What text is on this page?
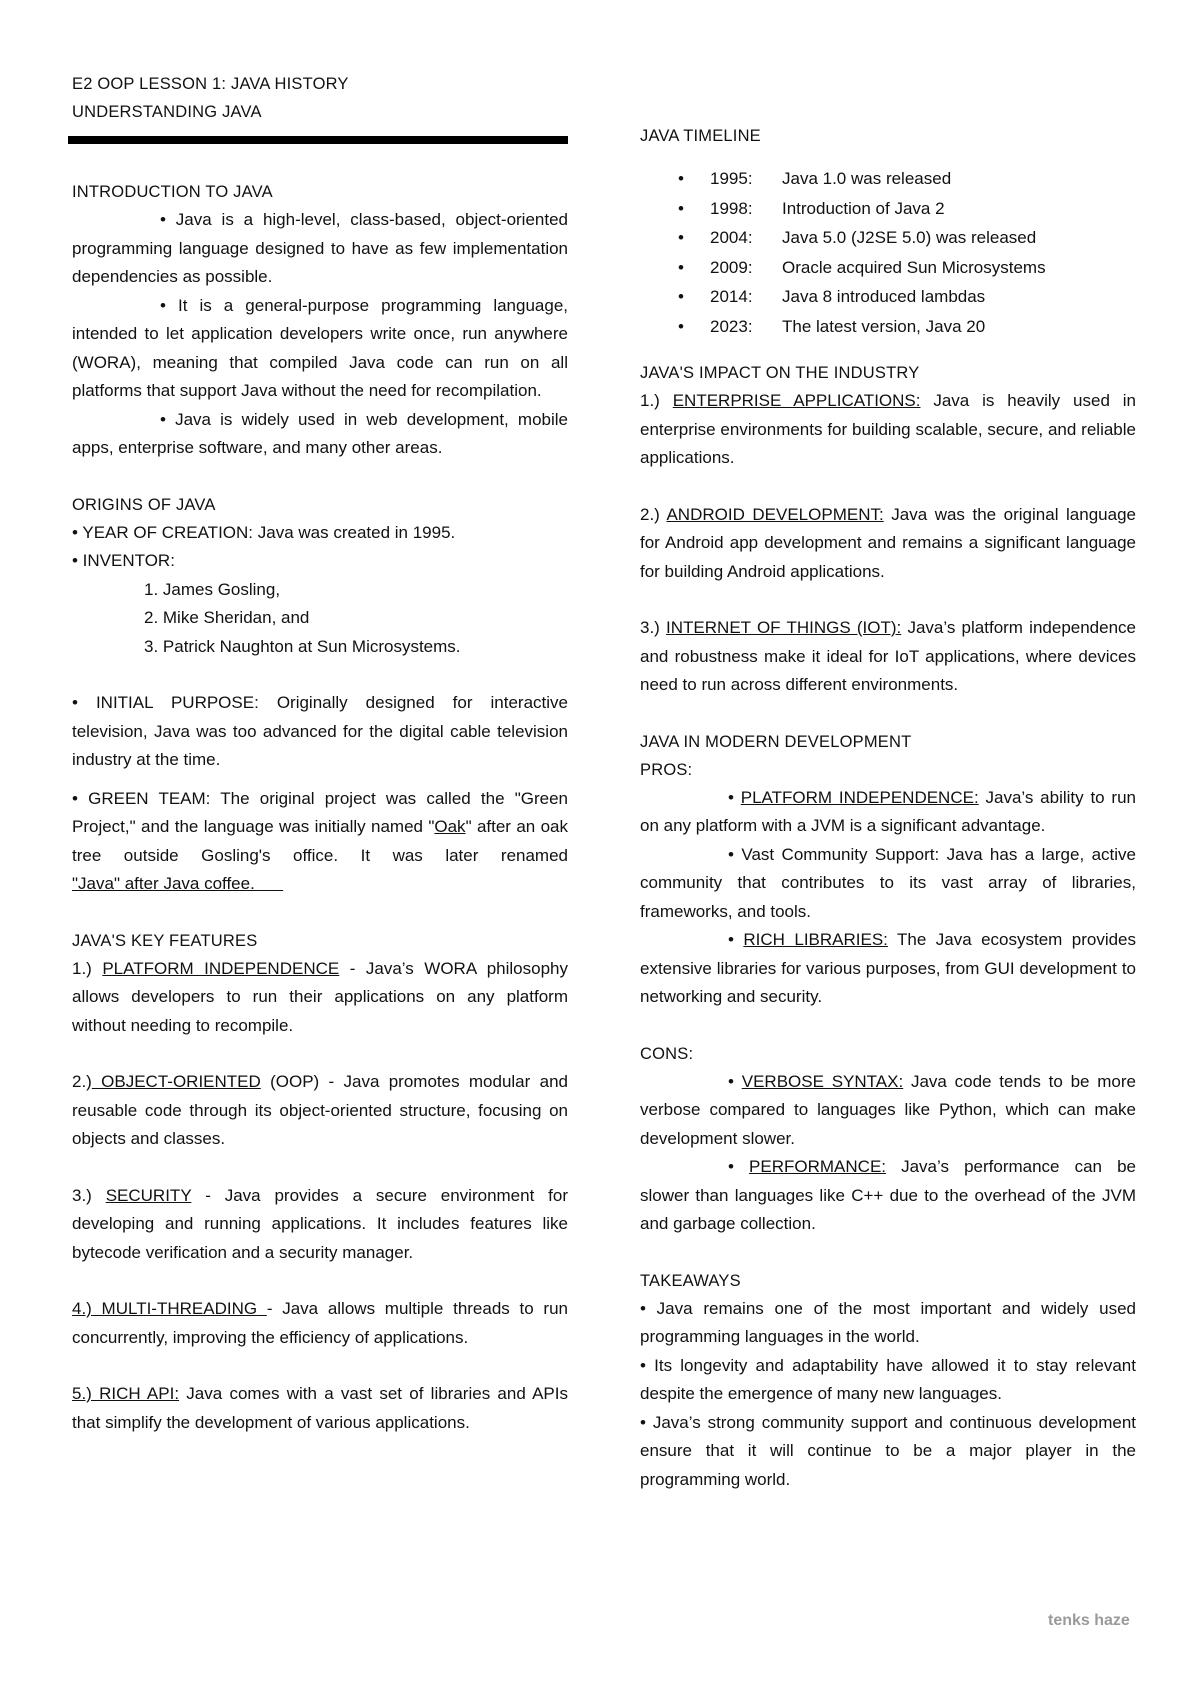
E2 OOP LESSON 1: JAVA HISTORY

UNDERSTANDING JAVA

INTRODUCTION TO JAVA

• Java is a high-level, class-based, object-oriented programming language designed to have as few implementation dependencies as possible.

• It is a general-purpose programming language, intended to let application developers write once, run anywhere (WORA), meaning that compiled Java code can run on all platforms that support Java without the need for recompilation.

• Java is widely used in web development, mobile apps, enterprise software, and many other areas.

ORIGINS OF JAVA

• YEAR OF CREATION: Java was created in 1995.

• INVENTOR:

1. James Gosling,

2. Mike Sheridan, and

3. Patrick Naughton at Sun Microsystems.

• INITIAL PURPOSE: Originally designed for interactive television, Java was too advanced for the digital cable television industry at the time.

• GREEN TEAM: The original project was called the "Green Project," and the language was initially named "Oak" after an oak tree outside Gosling's office. It was later renamed "Java" after Java coffee.

JAVA'S KEY FEATURES

1.) PLATFORM INDEPENDENCE - Java’s WORA philosophy allows developers to run their applications on any platform without needing to recompile.

2.) OBJECT-ORIENTED (OOP) - Java promotes modular and reusable code through its object-oriented structure, focusing on objects and classes.

3.) SECURITY - Java provides a secure environment for developing and running applications. It includes features like bytecode verification and a security manager.

4.) MULTI-THREADING - Java allows multiple threads to run concurrently, improving the efficiency of applications.

5.) RICH API: Java comes with a vast set of libraries and APIs that simplify the development of various applications.

JAVA TIMELINE

•	1995:	Java 1.0 was released
•	1998:	Introduction of Java 2
•	2004:	Java 5.0 (J2SE 5.0) was released
•	2009:	Oracle acquired Sun Microsystems
•	2014:	Java 8 introduced lambdas
•	2023:	The latest version, Java 20

JAVA'S IMPACT ON THE INDUSTRY

1.) ENTERPRISE APPLICATIONS: Java is heavily used in enterprise environments for building scalable, secure, and reliable applications.

2.) ANDROID DEVELOPMENT: Java was the original language for Android app development and remains a significant language for building Android applications.

3.) INTERNET OF THINGS (IOT): Java’s platform independence and robustness make it ideal for IoT applications, where devices need to run across different environments.

JAVA IN MODERN DEVELOPMENT

PROS:

• PLATFORM INDEPENDENCE: Java’s ability to run on any platform with a JVM is a significant advantage.

• Vast Community Support: Java has a large, active community that contributes to its vast array of libraries, frameworks, and tools.

• RICH LIBRARIES: The Java ecosystem provides extensive libraries for various purposes, from GUI development to networking and security.

CONS:

• VERBOSE SYNTAX: Java code tends to be more verbose compared to languages like Python, which can make development slower.

• PERFORMANCE: Java’s performance can be slower than languages like C++ due to the overhead of the JVM and garbage collection.

TAKEAWAYS

• Java remains one of the most important and widely used programming languages in the world.

• Its longevity and adaptability have allowed it to stay relevant despite the emergence of many new languages.

• Java’s strong community support and continuous development ensure that it will continue to be a major player in the programming world.

tenks haze
